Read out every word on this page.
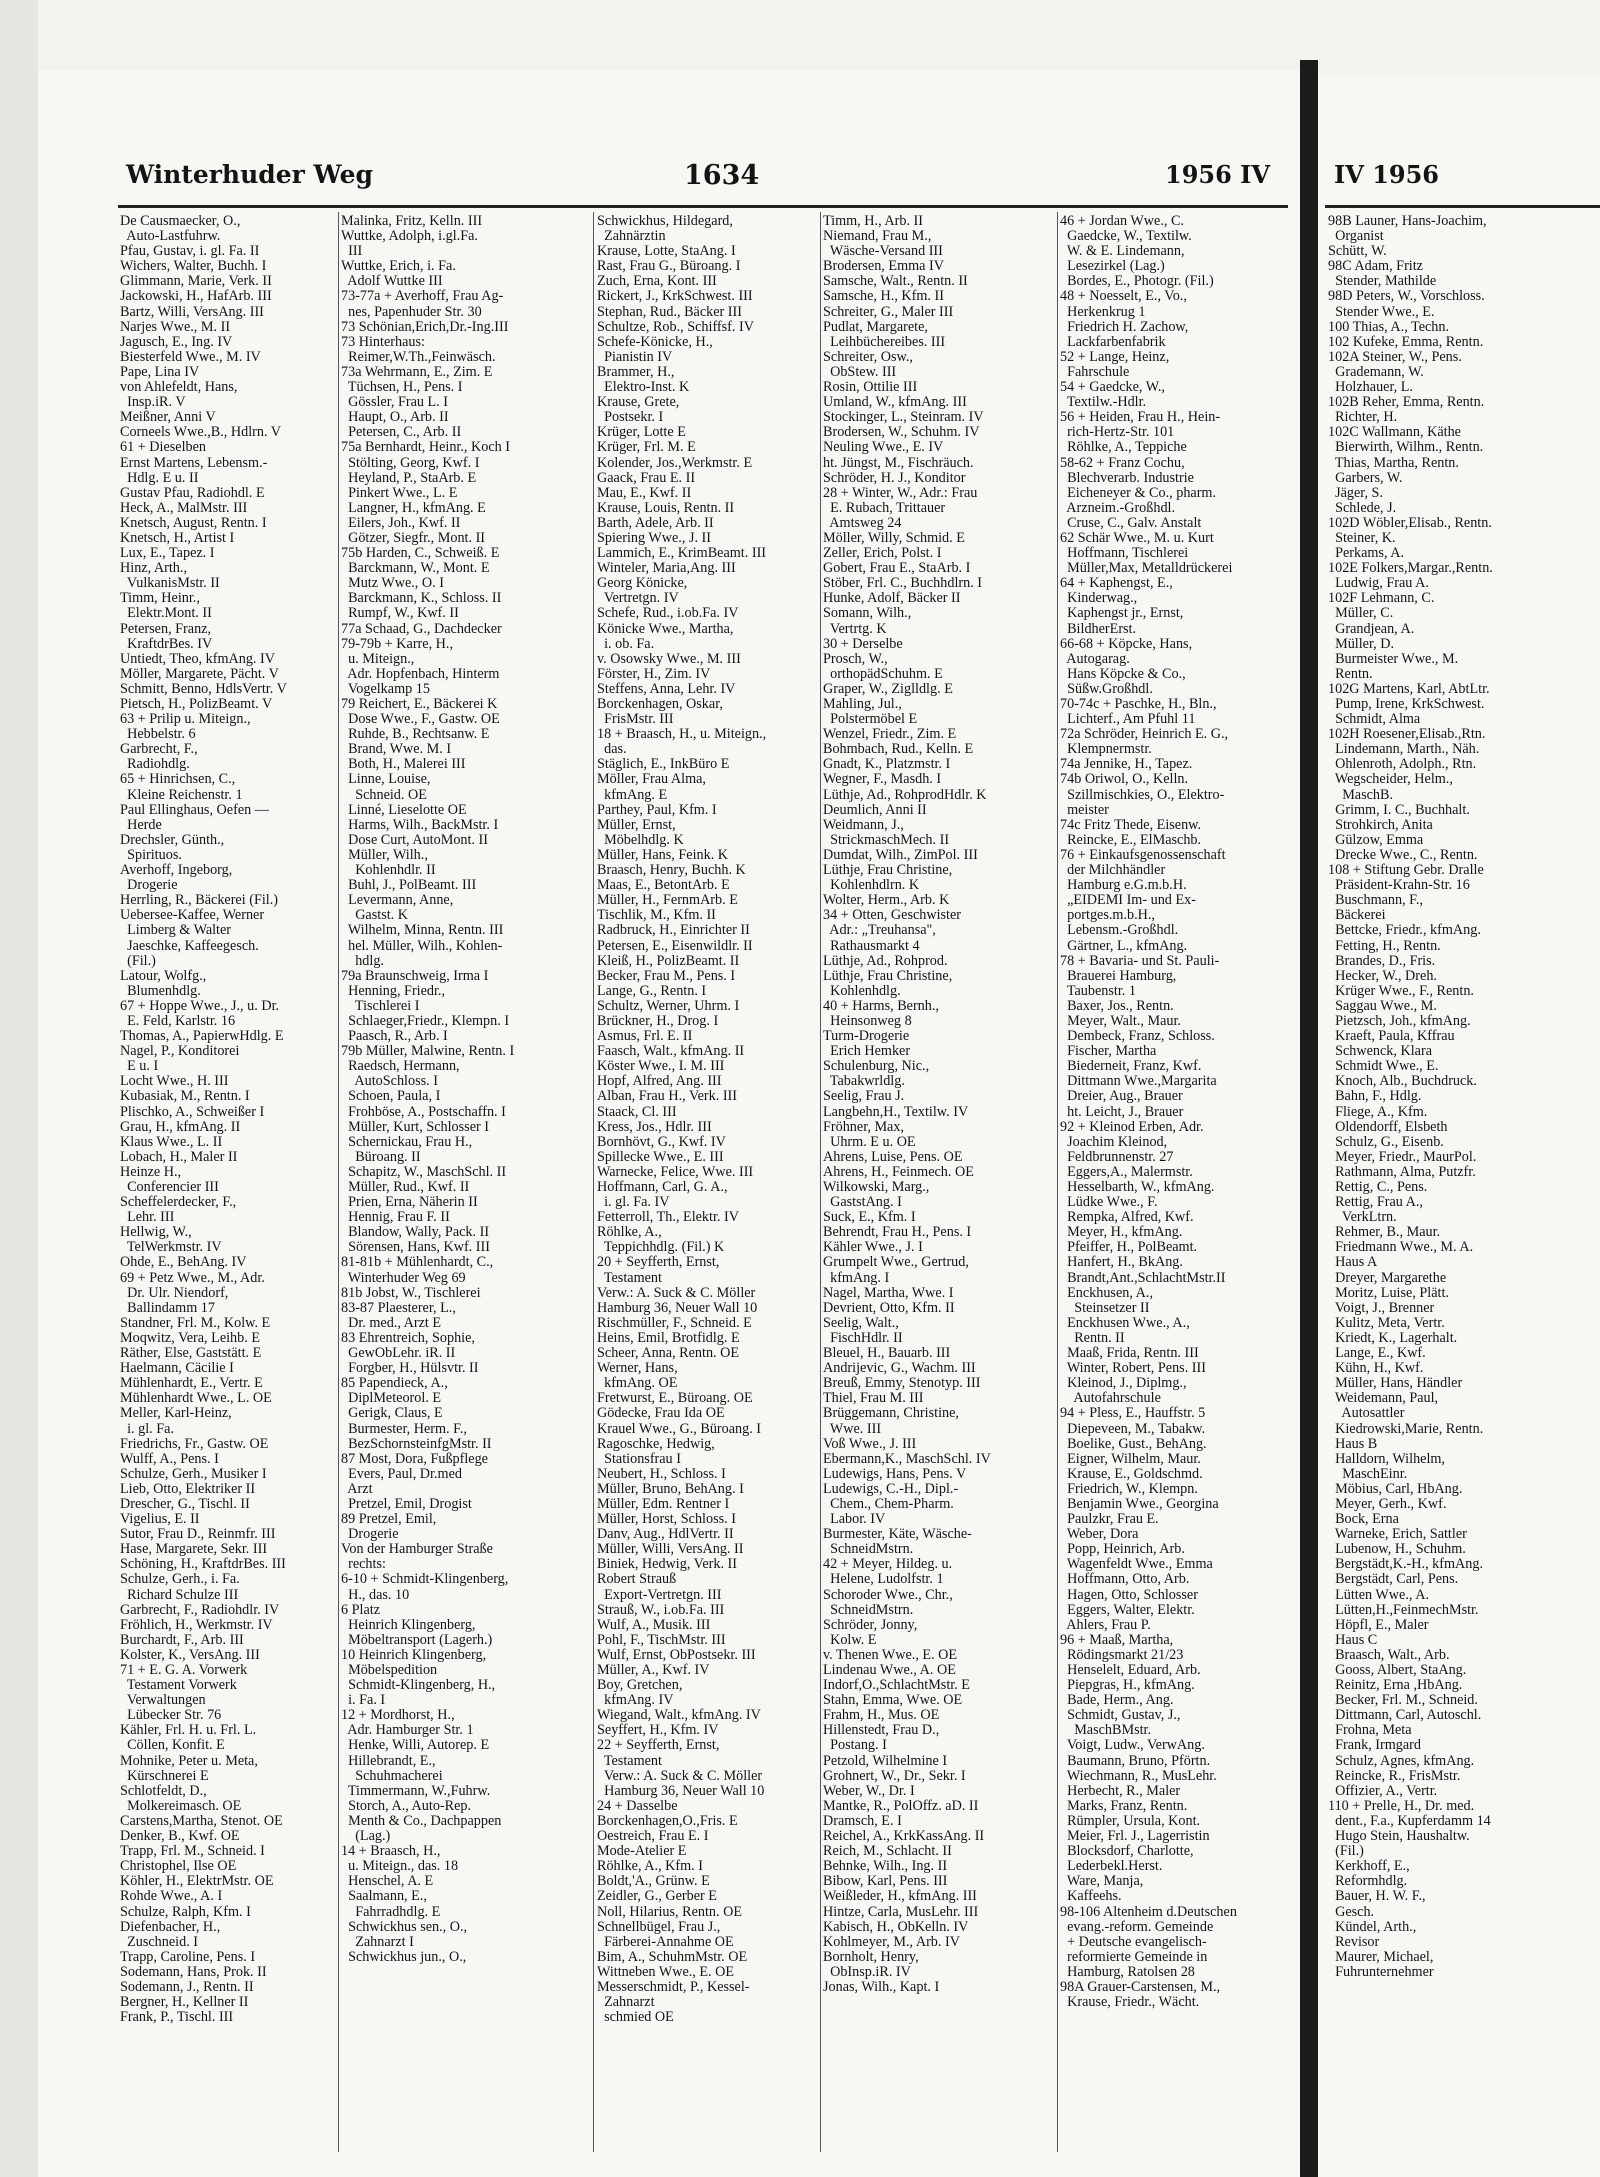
Winterhuder Weg	1634	1956 IV	IV 1956
De Causmaecker, O.,
Auto-Lastfuhrw.
Pfau, Gustav, i. gl. Fa. II
Wichers, Walter, Buchh. I
Glimmann, Marie, Verk. II
Jackowski, H., HafArb. III
Bartz, Willi, VersAng. III
Narjes Wwe., M. II
Jagusch, E., Ing. IV
Biesterfeld Wwe., M. IV
Pape, Lina IV
von Ahlefeldt, Hans,
Insp.iR. V
Meißner, Anni V
Corneels Wwe.,B., Hdlrn. V
61 + Dieselben
Ernst Martens, Lebensm.-
Hdlg. E u. II
Gustav Pfau, Radiohdl. E
Heck, A., MalMstr. III
Knetsch, August, Rentn. I
Knetsch, H., Artist I
Lux, E., Tapez. I
Hinz, Arth.,
VulkanisMstr. II
Timm, Heinr.,
Elektr.Mont. II
Petersen, Franz,
KraftdrBes. IV
Untiedt, Theo, kfmAng. IV
Möller, Margarete, Pächt. V
Schmitt, Benno, HdlsVertr. V
Pietsch, H., PolizBeamt. V
63 + Prilip u. Miteign.,
Hebbelstr. 6
Garbrecht, F.,
Radiohdlg.
65 + Hinrichsen, C.,
Kleine Reichenstr. 1
Paul Ellinghaus, Oefen —
Herde
Drechsler, Günth.,
Spirituos.
Averhoff, Ingeborg,
Drogerie
Herrling, R., Bäckerei (Fil.)
Ueberseе-Kaffee, Wernеr
Limberg & Walter
Jaeschke, Kaffeegesch.
(Fil.)
Latour, Wolfg.,
Blumenhdlg.
67 + Hoppe Wwe., J., u. Dr.
E. Feld, Karlstr. 16
Thomas, A., PapierwHdlg. E
Nagel, P., Konditorei
E u. I
Locht Wwe., H. III
Kubasiak, M., Rentn. I
Plischko, A., Schweißer I
Grau, H., kfmAng. II
Klaus Wwe., L. II
Lobach, H., Maler II
Heinze H.,
Conferencier III
Scheffelerdecker, F.,
Lehr. III
Hellwig, W.,
TelWerkmstr. IV
Ohde, E., BehAng. IV
69 + Petz Wwe., M., Adr.
Dr. Ulr. Niendorf,
Ballindamm 17
Standner, Frl. M., Kolw. E
Moqwitz, Vera, Leihb. E
Räther, Else, Gaststätt. E
Haelmann, Cäcilie I
Mühlenhardt, E., Vertr. E
Mühlenhardt Wwe., L. OE
Meller, Karl-Heinz,
i. gl. Fa.
Friedrichs, Fr., Gastw. OE
Wulff, A., Pens. I
Schulze, Gerh., Musiker I
Lieb, Otto, Elektriker II
Drescher, G., Tischl. II
Vigelius, E. II
Sutor, Frau D., Reinmfr. III
Hase, Margarete, Sekr. III
Schöning, H., KraftdrBes. III
Schulze, Gerh., i. Fa.
Richard Schulze III
Garbrecht, F., Radiohdlr. IV
Fröhlich, H., Werkmstr. IV
Burchardt, F., Arb. III
Kolster, K., VersAng. III
71 + E. G. A. Vorwerk
Testament Vorwerk
Verwaltungen
Lübecker Str. 76
Kähler, Frl. H. u. Frl. L.
Cöllen, Konfit. E
Mohnike, Peter u. Meta,
Kürschnerei E
Schlotfeldt, D.,
Molkereimasch. OE
Carstens,Martha, Stenot. OE
Denker, B., Kwf. OE
Trapp, Frl. M., Schneid. I
Christophel, Ilse OE
Köhler, H., ElektrMstr. OE
Rohde Wwe., A. I
Schulze, Ralph, Kfm. I
Diefenbacher, H.,
Zuschneid. I
Trapp, Caroline, Pens. I
Sodemann, Hans, Prok. II
Sodemann, J., Rentn. II
Bergner, H., Kellner II
Frank, P., Tischl. III
Malinka, Fritz, Kelln. III
Wuttke, Adolph, i.gl.Fa.
III
Wuttke, Erich, i. Fa.
Adolf Wuttke III
73-77a + Averhoff, Frau Ag-
nes, Papenhuder Str. 30
73 Schönian,Erich,Dr.-Ing.III
73 Hinterhaus:
Reimer,W.Th.,Feinwäsch.
73a Wehrmann, E., Zim. E
Tüchsen, H., Pens. I
Gössler, Frau L. I
Haupt, O., Arb. II
Petersen, C., Arb. II
75a Bernhardt, Heinr., Koch I
Stölting, Georg, Kwf. I
Heyland, P., StaArb. E
Pinkert Wwe., L. E
Langner, H., kfmAng. E
Eilers, Joh., Kwf. II
Götzer, Siegfr., Mont. II
75b Harden, C., Schweiß. E
Barckmann, W., Mont. E
Mutz Wwe., O. I
Barckmann, K., Schloss. II
Rumpf, W., Kwf. II
77a Schaad, G., Dachdecker
79-79b + Karre, H.,
u. Miteign.,
Adr. Hopfenbach, Hinterm
Vogelkamp 15
79 Reichert, E., Bäckerei K
Dose Wwe., F., Gastw. OE
Ruhde, B., Rechtsanw. E
Brand, Wwe. M. I
Both, H., Malerei III
Linne, Louise,
Schneid. OE
Linné, Lieselotte OE
Harms, Wilh., BackMstr. I
Dose Curt, AutoMont. II
Müller, Wilh.,
Kohlenhdlr. II
Buhl, J., PolBeamt. III
Levermann, Anne,
Gastst. K
Wilhelm, Minna, Rentn. III
hel. Müller, Wilh., Kohlen-
hdlg.
79a Braunschweig, Irma I
Henning, Friedr.,
Tischlerei I
Schlaeger,Friedr., Klempn. I
Paasch, R., Arb. I
79b Müller, Malwine, Rentn. I
Raedsch, Hermann,
AutoSchloss. I
Schoen, Paula, I
Frohböse, A., Postschaffn. I
Müller, Kurt, Schlosser I
Schernickau, Frau H.,
Büroang. II
Schapitz, W., MaschSchl. II
Müller, Rud., Kwf. II
Prien, Erna, Näherin II
Hennig, Frau F. II
Blandow, Wally, Pack. II
Sörensen, Hans, Kwf. III
81-81b + Mühlenhardt, C.,
Winterhuder Weg 69
81b Jobst, W., Tischlerei
83-87 Plaesterer, L.,
Dr. med., Arzt E
83 Ehrentreich, Sophie,
GewObLehr. iR. II
Forgber, H., Hülsvtr. II
85 Papendieck, A.,
DiplMeteorol. E
Gerigk, Claus, E
Burmester, Herm. F.,
BezSchornsteinfgMstr. II
87 Most, Dora, Fußpflege
Evers, Paul, Dr.med
Arzt
Pretzel, Emil, Drogist
89 Pretzel, Emil,
Drogerie
Von der Hamburger Straße
rechts:
6-10 + Schmidt-Klingenberg,
H., das. 10
6 Platz
Heinrich Klingenberg,
Möbeltransport (Lagerh.)
10 Heinrich Klingenberg,
Möbelspedition
Schmidt-Klingenberg, H.,
i. Fa. I
12 + Mordhorst, H.,
Adr. Hamburger Str. 1
Henke, Willi, Autorep. E
Hillebrandt, E.,
Schuhmacherei
Timmermann, W.,Fuhrw.
Storch, A., Auto-Rep.
Menth & Co., Dachpappen
(Lag.)
14 + Braasch, H.,
u. Miteign., das. 18
Henschel, A. E
Saalmann, E.,
Fahrradhdlg. E
Schwickhus sen., O.,
Zahnarzt I
Schwickhus jun., O.,
Schwickhus, Hildegard,
Zahnärztin
Krause, Lotte, StaAng. I
Rast, Frau G., Büroang. I
Zuch, Erna, Kont. III
Rickert, J., KrkSchwest. III
Stephan, Rud., Bäcker III
Schultze, Rob., Schiffsf. IV
Schefe-Könicke, H.,
Pianistin IV
Brammer, H.,
Elektro-Inst. K
Krause, Grete,
Postsekr. I
Krüger, Lotte E
Krüger, Frl. M. E
Kolender, Jos.,Werkmstr. E
Gaack, Frau E. II
Mau, E., Kwf. II
Krause, Louis, Rentn. II
Barth, Adele, Arb. II
Spiering Wwe., J. II
Lammich, E., KrimBeamt. III
Winteler, Maria,Ang. III
Georg Könicke,
Vertretgn. IV
Schefe, Rud., i.ob.Fa. IV
Könicke Wwe., Martha,
i. ob. Fa.
v. Osowsky Wwe., M. III
Förster, H., Zim. IV
Steffens, Anna, Lehr. IV
Borckenhagen, Oskar,
FrisMstr. III
18 + Braasch, H., u. Miteign.,
das.
Stäglich, E., InkBüro E
Möller, Frau Alma,
kfmAng. E
Parthey, Paul, Kfm. I
Müller, Ernst,
Möbelhdlg. K
Müller, Hans, Feink. K
Braasch, Henry, Buchh. K
Maas, E., BetontArb. E
Müller, H., FernmArb. E
Tischlik, M., Kfm. II
Radbruck, H., Einrichter II
Petersen, E., Eisenwildlr. II
Kleiß, H., PolizBeamt. II
Becker, Frau M., Pens. I
Lange, G., Rentn. I
Schultz, Werner, Uhrm. I
Brückner, H., Drog. I
Asmus, Frl. E. II
Faasch, Walt., kfmAng. II
Köster Wwe., I. M. III
Hopf, Alfred, Ang. III
Alban, Frau H., Verk. III
Staack, Cl. III
Kress, Jos., Hdlr. III
Bornhövt, G., Kwf. IV
Spillecke Wwe., E. III
Warnecke, Felice, Wwe. III
Hoffmann, Carl, G. A.,
i. gl. Fa. IV
Fetterroll, Th., Elektr. IV
Röhlke, A.,
Teppichhdlg. (Fil.) K
20 + Seyfferth, Ernst,
Testament
Verw.: A. Suck & C. Möller
Hamburg 36, Neuer Wall 10
Rischmüller, F., Schneid. E
Heins, Emil, Brotfidlg. E
Scheer, Anna, Rentn. OE
Werner, Hans,
kfmAng. OE
Fretwurst, E., Büroang. OE
Gödecke, Frau Ida OE
Krauel Wwe., G., Büroang. I
Ragoschke, Hedwig,
Stationsfrau I
Neubert, H., Schloss. I
Müller, Bruno, BehAng. I
Müller, Edm. Rentner I
Müller, Horst, Schloss. I
Danv, Aug., HdlVertr. II
Müller, Willi, VersAng. II
Biniek, Hedwig, Verk. II
Robert Strauß
Export-Vertretgn. III
Strauß, W., i.ob.Fa. III
Wulf, A., Musik. III
Pohl, F., TischMstr. III
Wulf, Ernst, ObPostsekr. III
Müller, A., Kwf. IV
Boy, Gretchen,
kfmAng. IV
Wiegand, Walt., kfmAng. IV
Seyffert, H., Kfm. IV
22 + Seyfferth, Ernst,
Testament
Verw.: A. Suck & C. Möller
Hamburg 36, Neuer Wall 10
24 + Dasselbe
Borckenhagen,O.,Fris. E
Oestreich, Frau E. I
Mode-Atelier E
Röhlke, A., Kfm. I
Boldt,'A., Grünw. E
Zeidler, G., Gerber E
Noll, Hilarius, Rentn. OE
Schnellbügel, Frau J.,
Färberei-Annahme OE
Bim, A., SchuhmMstr. OE
Wittneben Wwe., E. OE
Messerschmidt, P., Kessel-
Zahnarzt
schmied OE
Timm, H., Arb. II
Niemand, Frau M.,
Wäsche-Versand III
Brodersen, Emma IV
Samsche, Walt., Rentn. II
Samsche, H., Kfm. II
Schreiter, G., Maler III
Pudlat, Margarete,
Leihbüchereibes. III
Schreiter, Osw.,
ObStew. III
Rosin, Ottilie III
Umland, W., kfmAng. III
Stockinger, L., Steinram. IV
Brodersen, W., Schuhm. IV
Neuling Wwe., E. IV
ht. Jüngst, M., Fischräuch.
Schröder, H. J., Konditor
28 + Winter, W., Adr.: Frau
E. Rubach, Trittauer
Amtsweg 24
Möller, Willy, Schmid. E
Zeller, Erich, Polst. I
Gobert, Frau E., StaArb. I
Stöber, Frl. C., Buchhdlrn. I
Hunke, Adolf, Bäcker II
Somann, Wilh.,
Vertrtg. K
30 + Derselbe
Prosch, W.,
orthopädSchuhm. E
Graper, W., Ziglldlg. E
Mahling, Jul.,
Polstermöbel E
Wenzel, Friedr., Zim. E
Bohmbach, Rud., Kelln. E
Gnadt, K., Platzmstr. I
Wegner, F., Masdh. I
Lüthje, Ad., RohprodHdlr. K
Deumlich, Anni II
Weidmann, J.,
StrickmaschMech. II
Dumdat, Wilh., ZimPol. III
Lüthje, Frau Christine,
Kohlenhdlrn. K
Wolter, Herm., Arb. K
34 + Otten, Geschwister
Adr.: „Treuhansa",
Rathausmarkt 4
Lüthje, Ad., Rohprod.
Lüthje, Frau Christine,
Kohlenhdlg.
40 + Harms, Bernh.,
Heinsonweg 8
Turm-Drogerie
Erich Hemker
Schulenburg, Nic.,
Tabakwrldlg.
Seelig, Frau J.
Langbehn,H., Textilw. IV
Fröhner, Max,
Uhrm. E u. OE
Ahrens, Luise, Pens. OE
Ahrens, H., Feinmech. OE
Wilkowski, Marg.,
GaststAng. I
Suck, E., Kfm. I
Behrendt, Frau H., Pens. I
Kähler Wwe., J. I
Grumpelt Wwe., Gertrud,
kfmAng. I
Nagel, Martha, Wwe. I
Devrient, Otto, Kfm. II
Seelig, Walt.,
FischHdlr. II
Bleuel, H., Bauarb. III
Andrijevic, G., Wachm. III
Breuß, Emmy, Stenotyp. III
Thiel, Frau M. III
Brüggemann, Christine,
Wwe. III
Voß Wwe., J. III
Ebermann,K., MaschSchl. IV
Ludewigs, Hans, Pens. V
Ludewigs, C.-H., Dipl.-
Chem., Chem-Pharm.
Labor. IV
Burmester, Käte, Wäsche-
SchneidMstrn.
42 + Meyer, Hildeg. u.
Helene, Ludolfstr. 1
Schoroder Wwe., Chr.,
SchneidMstrn.
Schröder, Jonny,
Kolw. E
v. Thenen Wwe., E. OE
Lindenau Wwe., A. OE
Indorf,O.,SchlachtMstr. E
Stahn, Emma, Wwe. OE
Frahm, H., Mus. OE
Hillenstedt, Frau D.,
Postang. I
Petzold, Wilhelmine I
Grohnert, W., Dr., Sekr. I
Weber, W., Dr. I
Mantke, R., PolOffz. aD. II
Dramsch, E. I
Reichel, A., KrkKassAng. II
Reich, M., Schlacht. II
Behnke, Wilh., Ing. II
Bibow, Karl, Pens. III
Weißleder, H., kfmAng. III
Hintze, Carla, MusLehr. III
Kabisch, H., ObKelln. IV
Kohlmeyer, M., Arb. IV
Bornholt, Henry,
ObInsp.iR. IV
Jonas, Wilh., Kapt. I
46 + Jordan Wwe., C.
Gaedcke, W., Textilw.
W. & E. Lindemann,
Lesezirkel (Lag.)
Bordes, E., Photogr. (Fil.)
48 + Noesselt, E., Vo.,
Herkenkrug 1
Friedrich H. Zachow,
Lackfarbenfabrik
52 + Lange, Heinz,
Fahrschule
54 + Gaedcke, W.,
Textilw.-Hdlr.
56 + Heiden, Frau H., Hein-
rich-Hertz-Str. 101
Röhlke, A., Teppiche
58-62 + Franz Cochu,
Blechverarb. Industrie
Eicheneyer & Co., pharm.
Arzneim.-Großhdl.
Cruse, C., Galv. Anstalt
62 Schär Wwe., M. u. Kurt
Hoffmann, Tischlerei
Müller,Max, Metalldrückerei
64 + Kaphengst, E.,
Kinderwag.,
Kaphengst jr., Ernst,
BildherErst.
66-68 + Köpcke, Hans,
Autogarag.
Hans Köpcke & Co.,
Süßw.Großhdl.
70-74c + Paschke, H., Bln.,
Lichterf., Am Pfuhl 11
72a Schröder, Heinrich E. G.,
Klempnermstr.
74a Jennike, H., Tapez.
74b Oriwol, O., Kelln.
Szillmischkies, O., Elektro-
meister
74c Fritz Thede, Eisenw.
Reincke, E., ElMaschb.
76 + Einkaufsgenossenschaft
der Milchhändler
Hamburg e.G.m.b.H.
„EIDEMI Im- und Ex-
portges.m.b.H.,
Lebensm.-Großhdl.
Gärtner, L., kfmAng.
78 + Bavaria- und St. Pauli-
Brauerei Hamburg,
Taubenstr. 1
Baxer, Jos., Rentn.
Meyer, Walt., Maur.
Dembeck, Franz, Schloss.
Fischer, Martha
Biederneit, Franz, Kwf.
Dittmann Wwe.,Margarita
Dreier, Aug., Brauer
ht. Leicht, J., Brauer
92 + Kleinod Erben, Adr.
Joachim Kleinod,
Feldbrunnenstr. 27
Eggers,A., Malermstr.
Hesselbarth, W., kfmAng.
Lüdke Wwe., F.
Rempka, Alfred, Kwf.
Meyer, H., kfmAng.
Pfeiffer, H., PolBeamt.
Hanfert, H., BkAng.
Brandt,Ant.,SchlachtMstr.II
Enckhusen, A.,
Steinsetzer II
Enckhusen Wwe., A.,
Rentn. II
Maaß, Frida, Rentn. III
Winter, Robert, Pens. III
Kleinod, J., Diplmg.,
Autofahrschule
94 + Pless, E., Hauffstr. 5
Diepeveen, M., Tabakw.
Boelike, Gust., BehAng.
Eigner, Wilhelm, Maur.
Krause, E., Goldschmd.
Friedrich, W., Klempn.
Benjamin Wwe., Georgina
Paulzkr, Frau E.
Weber, Dora
Popp, Heinrich, Arb.
Wagenfeldt Wwe., Emma
Hoffmann, Otto, Arb.
Hagen, Otto, Schlosser
Eggers, Walter, Elektr.
Ahlers, Frau P.
96 + Maaß, Martha,
Rödingsmarkt 21/23
Henselelt, Eduard, Arb.
Piepgras, H., kfmAng.
Bade, Herm., Ang.
Schmidt, Gustav, J.,
MaschBMstr.
Voigt, Ludw., VerwAng.
Baumann, Bruno, Pförtn.
Wiechmann, R., MusLehr.
Herbecht, R., Maler
Marks, Franz, Rentn.
Rümpler, Ursula, Kont.
Meier, Frl. J., Lagerristin
Blocksdorf, Charlotte,
Lederbekl.Herst.
Ware, Manja,
Kaffeehs.
98-106 Altenheim d.Deutschen
evang.-reform. Gemeinde
+ Deutsche evangelisch-
reformierte Gemeinde in
Hamburg, Ratolsen 28
98A Grauer-Carstensen, M.,
Krause, Friedr., Wächt.
98B Launer, Hans-Joachim,
Organist
Schütt, W.
98C Adam, Fritz
Stender, Mathilde
98D Peters, W., Vorschloss.
Stender Wwe., E.
100 Thias, A., Techn.
102 Kufeke, Emma, Rentn.
102A Steiner, W., Pens.
Grademann, W.
Holzhauer, L.
102B Reher, Emma, Rentn.
Richter, H.
102C Wallmann, Käthe
Bierwirth, Wilhm., Rentn.
Thias, Martha, Rentn.
Garbers, W.
Jäger, S.
Schlede, J.
102D Wöbler,Elisab., Rentn.
Steiner, K.
Perkams, A.
102E Folkers,Margar.,Rentn.
Ludwig, Frau A.
102F Lehmann, C.
Müller, C.
Grandjean, A.
Müller, D.
Burmeister Wwe., M.
Rentn.
102G Martens, Karl, AbtLtr.
Pump, Irene, KrkSchwest.
Schmidt, Alma
102H Roesener,Elisab.,Rtn.
Lindemann, Marth., Näh.
Ohlenroth, Adolph., Rtn.
Wegscheider, Helm.,
MaschB.
Grimm, I. C., Buchhalt.
Strohkirch, Anita
Gülzow, Emma
Drecke Wwe., C., Rentn.
108 + Stiftung Gebr. Dralle
Präsident-Krahn-Str. 16
Buschmann, F.,
Bäckerei
Bettcke, Friedr., kfmAng.
Fetting, H., Rentn.
Brandes, D., Fris.
Hecker, W., Dreh.
Krüger Wwe., F., Rentn.
Saggau Wwe., M.
Pietzsch, Joh., kfmAng.
Kraeft, Paula, Kffrau
Schwenck, Klara
Schmidt Wwe., E.
Knoch, Alb., Buchdruck.
Bahn, F., Hdlg.
Fliege, A., Kfm.
Oldendorff, Elsbeth
Schulz, G., Eisenb.
Meyer, Friedr., MaurPol.
Rathmann, Alma, Putzfr.
Rettig, C., Pens.
Rettig, Frau A.,
VerkLtrn.
Rehmer, B., Maur.
Friedmann Wwe., M. A.
Haus A
Dreyer, Margarethe
Moritz, Luise, Plätt.
Voigt, J., Brenner
Kulitz, Meta, Vertr.
Kriedt, K., Lagerhalt.
Lange, E., Kwf.
Kühn, H., Kwf.
Müller, Hans, Händler
Weidemann, Paul,
Autosattler
Kiedrowski,Marie, Rentn.
Haus B
Halldorn, Wilhelm,
MaschEinr.
Möbius, Carl, HbAng.
Meyer, Gerh., Kwf.
Bock, Erna
Warneke, Erich, Sattler
Lubenow, H., Schuhm.
Bergstädt,K.-H., kfmAng.
Bergstädt, Carl, Pens.
Lütten Wwe., A.
Lütten,H.,FeinmechMstr.
Höpfl, E., Maler
Haus C
Braasch, Walt., Arb.
Gooss, Albert, StaAng.
Reinitz, Erna ,HbAng.
Becker, Frl. M., Schneid.
Dittmann, Carl, Autoschl.
Frohna, Meta
Frank, Irmgard
Schulz, Agnes, kfmAng.
Reincke, R., FrisMstr.
Offizier, A., Vertr.
110 + Prelle, H., Dr. med.
dent., F.a., Kupferdamm 14
Hugo Stein, Haushaltw.
(Fil.)
Kerkhoff, E.,
Reformhdlg.
Bauer, H. W. F.,
Gesch.
Kündel, Arth.,
Revisor
Maurer, Michael,
Fuhruntеrnehmer
